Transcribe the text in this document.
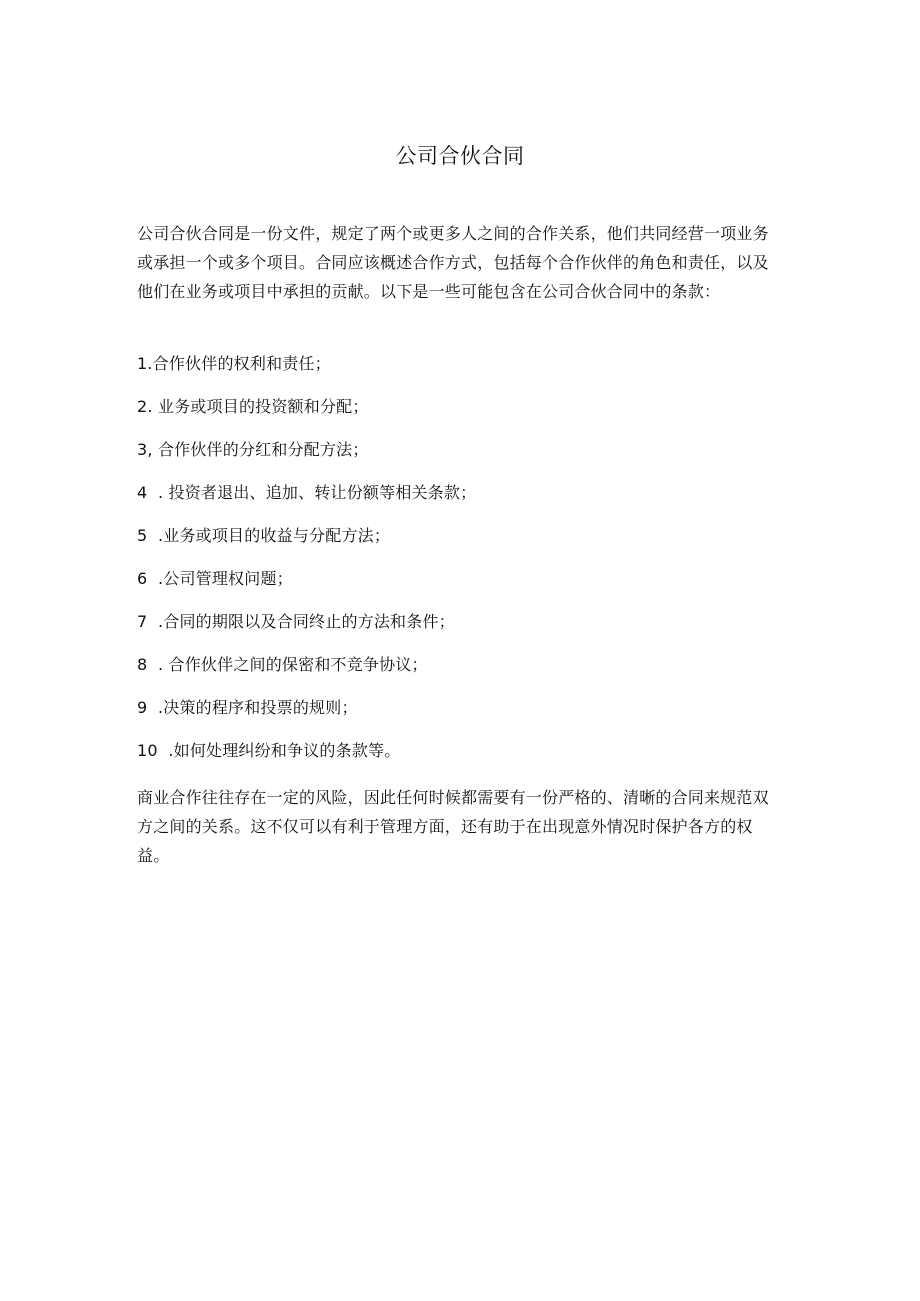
公司合伙合同

公司合伙合同是一份文件，规定了两个或更多人之间的合作关系，他们共同经营一项业务或承担一个或多个项目。合同应该概述合作方式，包括每个合作伙伴的角色和责任，以及他们在业务或项目中承担的贡献。以下是一些可能包含在公司合伙合同中的条款：

1.合作伙伴的权利和责任；
2. 业务或项目的投资额和分配；
3, 合作伙伴的分红和分配方法；
4  . 投资者退出、追加、转让份额等相关条款；
5  .业务或项目的收益与分配方法；
6  .公司管理权问题；
7  .合同的期限以及合同终止的方法和条件；
8  . 合作伙伴之间的保密和不竞争协议；
9  .决策的程序和投票的规则；
10  .如何处理纠纷和争议的条款等。

商业合作往往存在一定的风险，因此任何时候都需要有一份严格的、清晰的合同来规范双方之间的关系。这不仅可以有利于管理方面，还有助于在出现意外情况时保护各方的权益。
